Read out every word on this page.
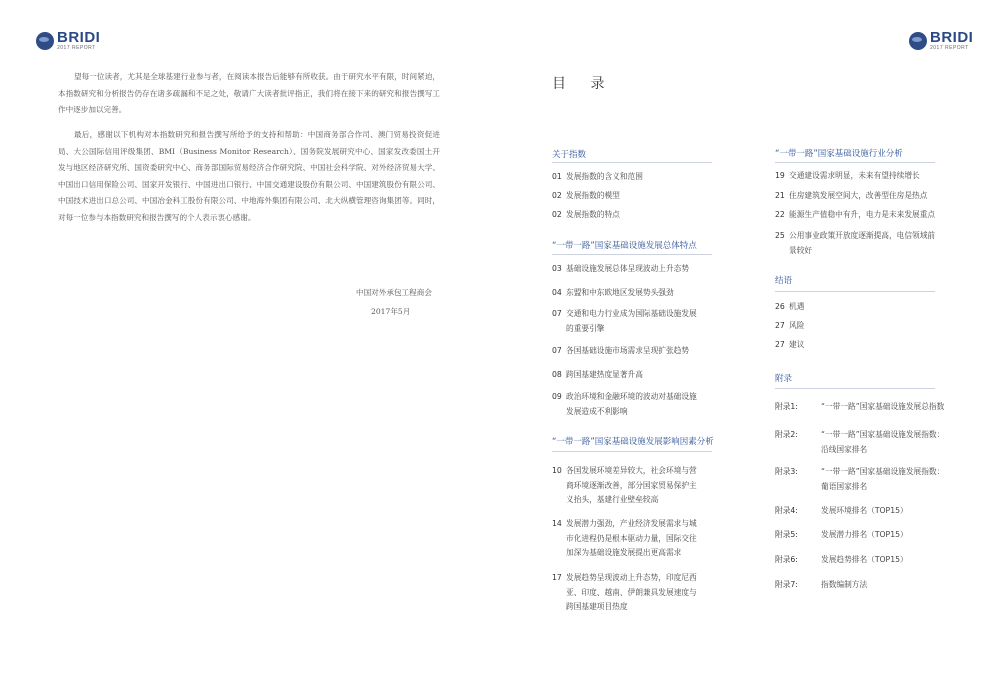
BRIDI
2017 REPORT
BRIDI
2017 REPORT

望每一位读者，尤其是全球基建行业参与者，在阅读本报告后能够有所收获。由于研究水平有限，时间紧迫，本指数研究和分析报告仍存在诸多疏漏和不足之处，敬请广大读者批评指正，我们将在接下来的研究和报告撰写工作中逐步加以完善。

最后，感谢以下机构对本指数研究和报告撰写所给予的支持和帮助：中国商务部合作司、澳门贸易投资促进局、大公国际信用评级集团、BMI（Business Monitor Research）、国务院发展研究中心、国家发改委国土开发与地区经济研究所、国资委研究中心、商务部国际贸易经济合作研究院、中国社会科学院、对外经济贸易大学、中国出口信用保险公司、国家开发银行、中国进出口银行、中国交通建设股份有限公司、中国建筑股份有限公司、中国技术进出口总公司、中国冶金科工股份有限公司、中地海外集团有限公司、北大纵横管理咨询集团等。同时，对每一位参与本指数研究和报告撰写的个人表示衷心感谢。

中国对外承包工程商会
2017年5月
目 录
关于指数
01 发展指数的含义和范围
02 发展指数的模型
02 发展指数的特点
“一带一路”国家基础设施发展总体特点
03 基础设施发展总体呈现波动上升态势
04 东盟和中东欧地区发展势头强劲
07 交通和电力行业成为国际基础设施发展
的重要引擎
07 各国基础设施市场需求呈现扩张趋势
08 跨国基建热度显著升高
09 政治环境和金融环境的波动对基础设施
发展造成不利影响
“一带一路”国家基础设施发展影响因素分析
10 各国发展环境差异较大，社会环境与营
商环境逐渐改善，部分国家贸易保护主
义抬头，基建行业壁垒较高
14 发展潜力强劲，产业经济发展需求与城
市化进程仍是根本驱动力量，国际交往
加深为基础设施发展提出更高需求
17 发展趋势呈现波动上升态势，印度尼西
亚、印度、越南、伊朗兼具发展速度与
跨国基建项目热度
“一带一路”国家基础设施行业分析
19 交通建设需求明显，未来有望持续增长
21 住房建筑发展空间大，改善型住房是热点
22 能源生产值稳中有升，电力是未来发展重点
25 公用事业政策开放度逐渐提高，电信领域前
景较好
结语
26 机遇
27 风险
27 建议
附录
附录1:	“一带一路”国家基础设施发展总指数
附录2:	“一带一路”国家基础设施发展指数：
沿线国家排名
附录3:	“一带一路”国家基础设施发展指数：
葡语国家排名
附录4:	发展环境排名（TOP15）
附录5:	发展潜力排名（TOP15）
附录6:	发展趋势排名（TOP15）
附录7:	指数编制方法
